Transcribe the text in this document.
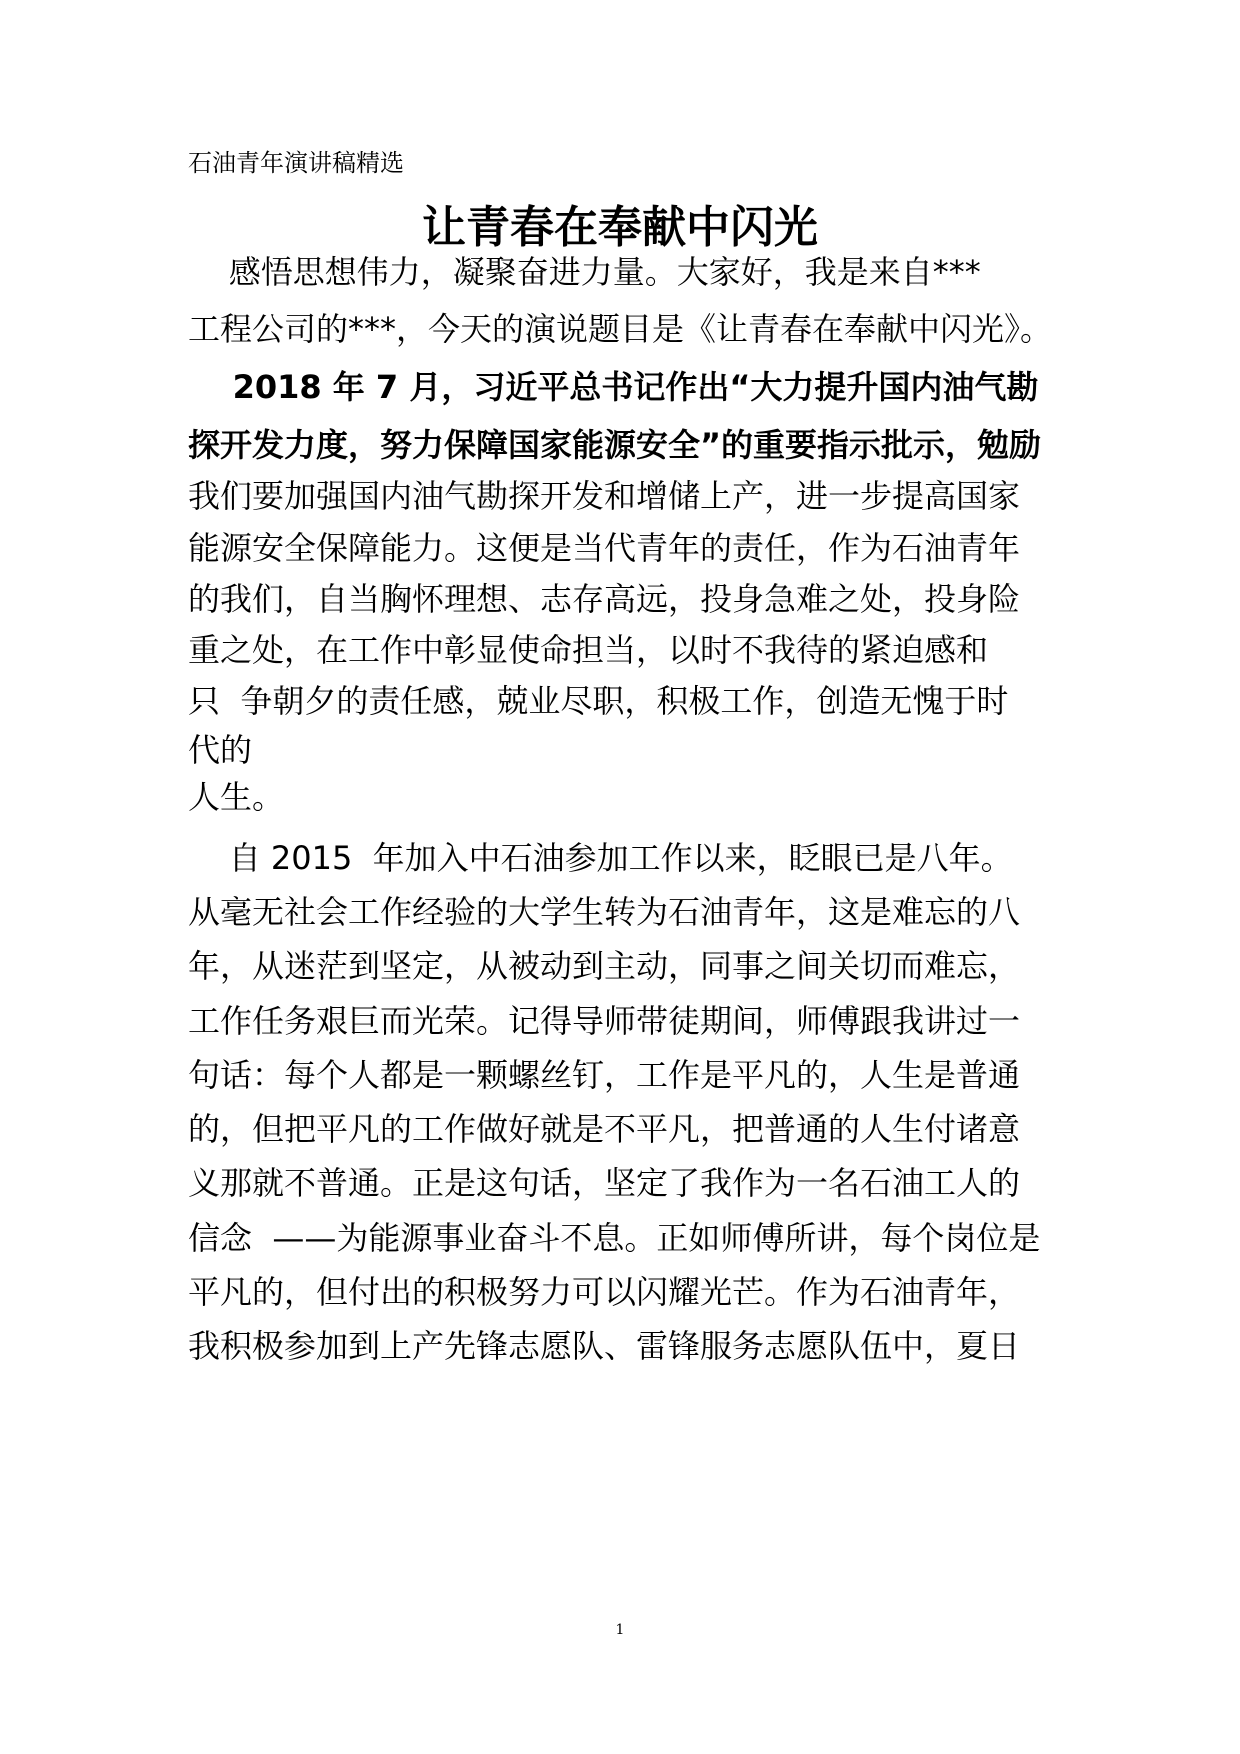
石油青年演讲稿精选

让青春在奉献中闪光

感悟思想伟力，凝聚奋进力量。大家好，我是来自***

工程公司的***，今天的演说题目是《让青春在奉献中闪光》。

2018 年 7 月，习近平总书记作出“大力提升国内油气勘

探开发力度，努力保障国家能源安全”的重要指示批示，勉励

我们要加强国内油气勘探开发和增储上产，进一步提高国家

能源安全保障能力。这便是当代青年的责任，作为石油青年

的我们，自当胸怀理想、志存高远，投身急难之处，投身险

重之处，在工作中彰显使命担当，以时不我待的紧迫感和

只  争朝夕的责任感，兢业尽职，积极工作，创造无愧于时

代的

人生。

自 2015  年加入中石油参加工作以来，眨眼已是八年。

从毫无社会工作经验的大学生转为石油青年，这是难忘的八

年，从迷茫到坚定，从被动到主动，同事之间关切而难忘，

工作任务艰巨而光荣。记得导师带徒期间，师傅跟我讲过一

句话：每个人都是一颗螺丝钉，工作是平凡的，人生是普通

的，但把平凡的工作做好就是不平凡，把普通的人生付诸意

义那就不普通。正是这句话，坚定了我作为一名石油工人的

信念  ——为能源事业奋斗不息。正如师傅所讲，每个岗位是

平凡的，但付出的积极努力可以闪耀光芒。作为石油青年，

我积极参加到上产先锋志愿队、雷锋服务志愿队伍中，夏日

1
